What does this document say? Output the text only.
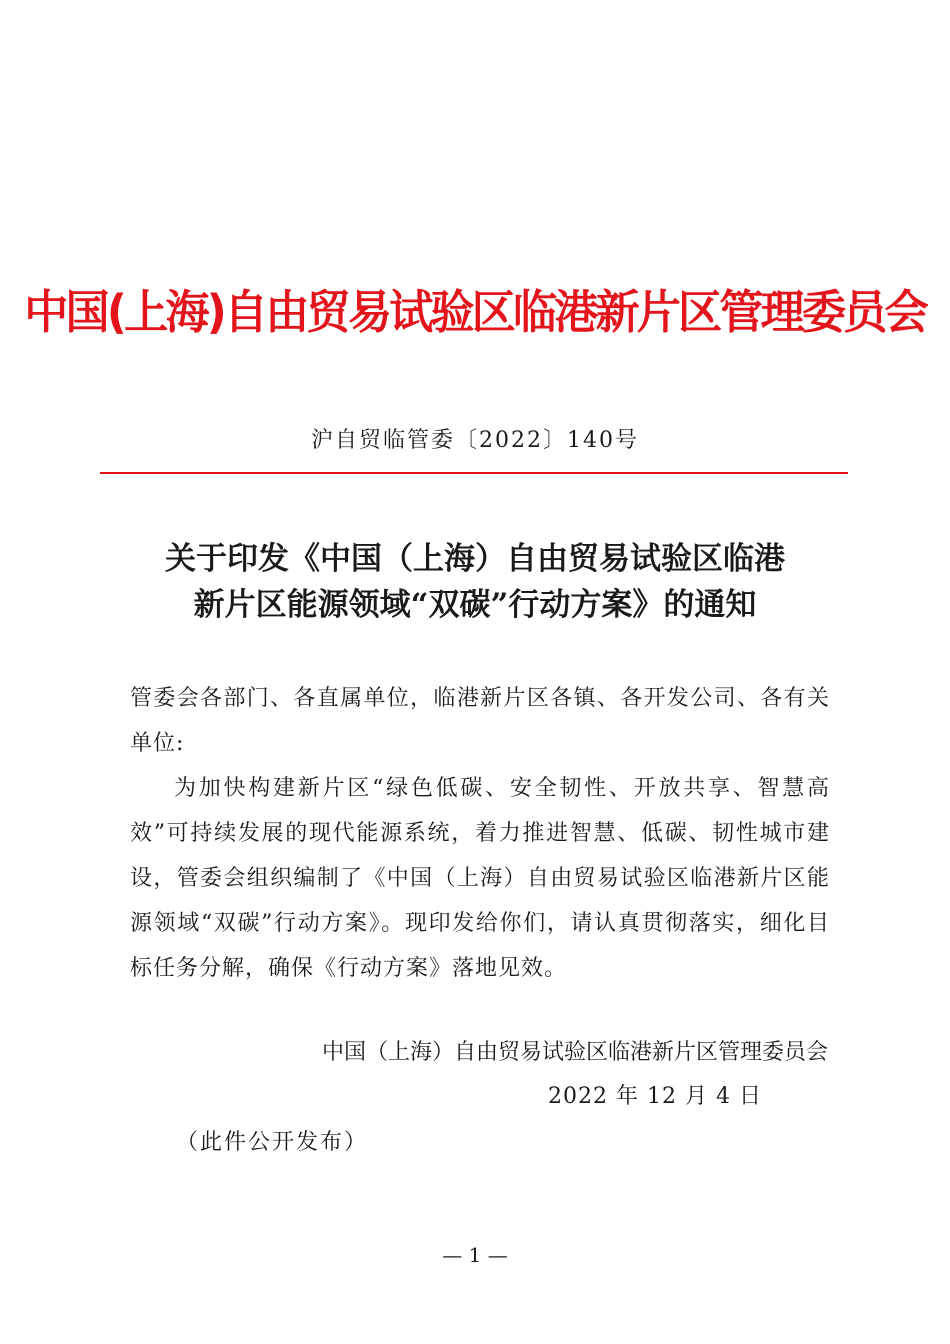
中国(上海)自由贸易试验区临港新片区管理委员会
沪自贸临管委〔2022〕140号
关于印发《中国（上海）自由贸易试验区临港
新片区能源领域“双碳”行动方案》的通知

管委会各部门、各直属单位，临港新片区各镇、各开发公司、各有关单位:

为加快构建新片区“绿色低碳、安全韧性、开放共享、智慧高效”可持续发展的现代能源系统，着力推进智慧、低碳、韧性城市建设，管委会组织编制了《中国（上海）自由贸易试验区临港新片区能源领域“双碳”行动方案》。现印发给你们，请认真贯彻落实，细化目标任务分解，确保《行动方案》落地见效。

中国（上海）自由贸易试验区临港新片区管理委员会
2022 年 12 月 4 日
（此件公开发布）
— 1 —
